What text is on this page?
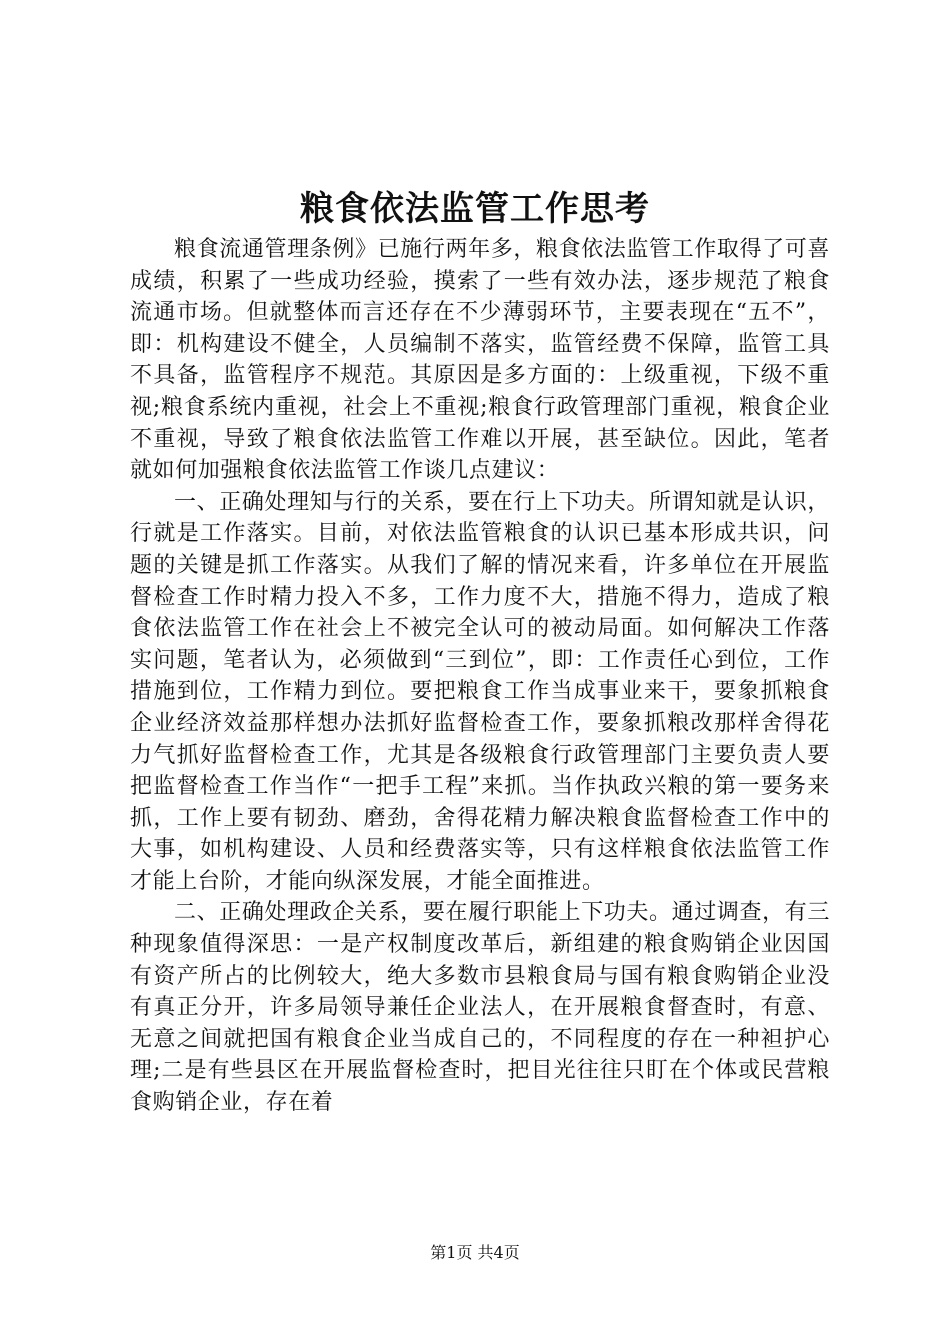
粮食依法监管工作思考

粮食流通管理条例》已施行两年多，粮食依法监管工作取得了可喜成绩，积累了一些成功经验，摸索了一些有效办法，逐步规范了粮食流通市场。但就整体而言还存在不少薄弱环节，主要表现在“五不”，即：机构建设不健全，人员编制不落实，监管经费不保障，监管工具不具备，监管程序不规范。其原因是多方面的：上级重视，下级不重视;粮食系统内重视，社会上不重视;粮食行政管理部门重视，粮食企业不重视，导致了粮食依法监管工作难以开展，甚至缺位。因此，笔者就如何加强粮食依法监管工作谈几点建议：

一、正确处理知与行的关系，要在行上下功夫。所谓知就是认识，行就是工作落实。目前，对依法监管粮食的认识已基本形成共识，问题的关键是抓工作落实。从我们了解的情况来看，许多单位在开展监督检查工作时精力投入不多，工作力度不大，措施不得力，造成了粮食依法监管工作在社会上不被完全认可的被动局面。如何解决工作落实问题，笔者认为，必须做到“三到位”，即：工作责任心到位，工作措施到位，工作精力到位。要把粮食工作当成事业来干，要象抓粮食企业经济效益那样想办法抓好监督检查工作，要象抓粮改那样舍得花力气抓好监督检查工作，尤其是各级粮食行政管理部门主要负责人要把监督检查工作当作“一把手工程”来抓。当作执政兴粮的第一要务来抓，工作上要有韧劲、磨劲，舍得花精力解决粮食监督检查工作中的大事，如机构建设、人员和经费落实等，只有这样粮食依法监管工作才能上台阶，才能向纵深发展，才能全面推进。

二、正确处理政企关系，要在履行职能上下功夫。通过调查，有三种现象值得深思：一是产权制度改革后，新组建的粮食购销企业因国有资产所占的比例较大，绝大多数市县粮食局与国有粮食购销企业没有真正分开，许多局领导兼任企业法人，在开展粮食督查时，有意、无意之间就把国有粮食企业当成自己的，不同程度的存在一种袒护心理;二是有些县区在开展监督检查时，把目光往往只盯在个体或民营粮食购销企业，存在着

第1页 共4页
